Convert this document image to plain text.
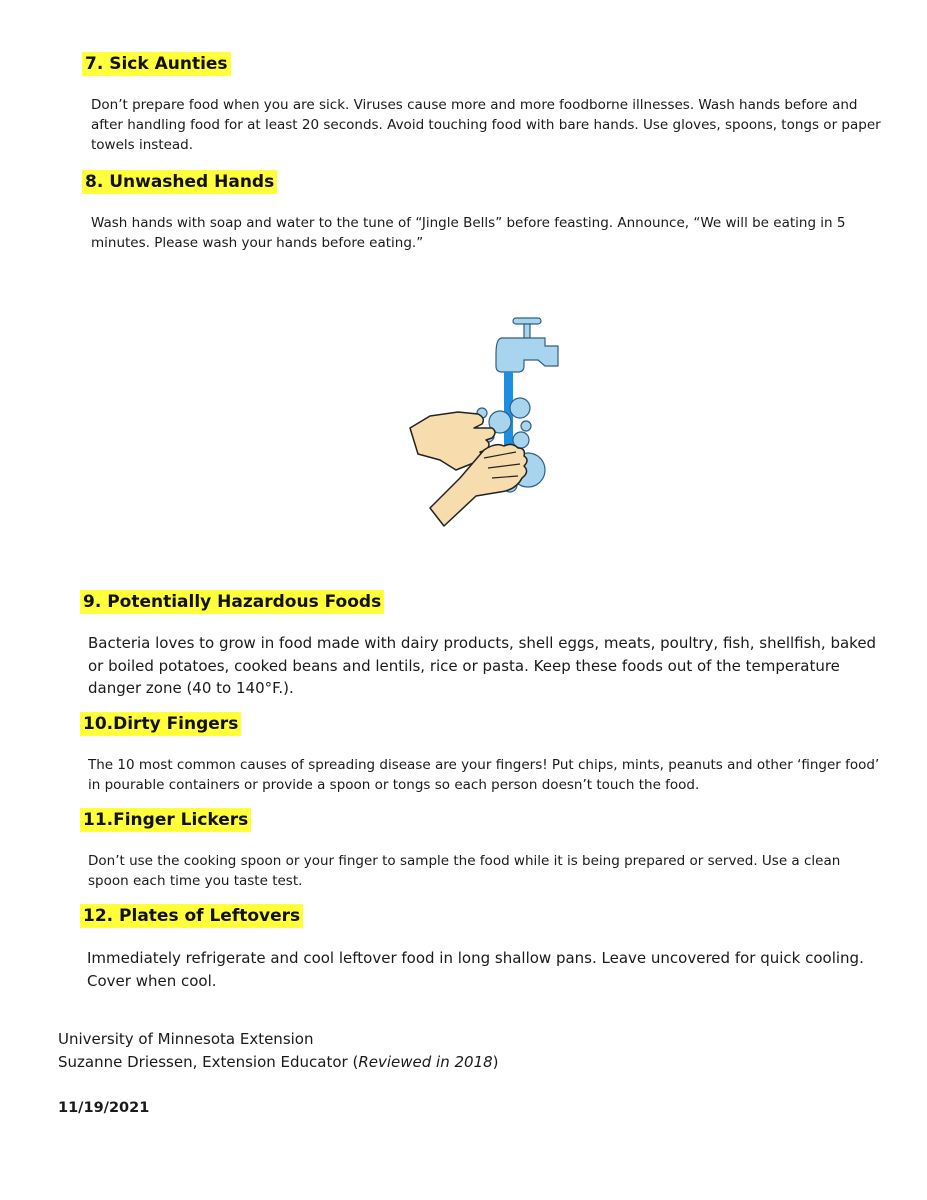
7. Sick Aunties

Don’t prepare food when you are sick. Viruses cause more and more foodborne illnesses. Wash hands before and after handling food for at least 20 seconds. Avoid touching food with bare hands. Use gloves, spoons, tongs or paper towels instead.

8. Unwashed Hands

Wash hands with soap and water to the tune of “Jingle Bells” before feasting. Announce, “We will be eating in 5 minutes. Please wash your hands before eating.”

9. Potentially Hazardous Foods

Bacteria loves to grow in food made with dairy products, shell eggs, meats, poultry, fish, shellfish, baked or boiled potatoes, cooked beans and lentils, rice or pasta. Keep these foods out of the temperature danger zone (40 to 140°F.).

10.Dirty Fingers

The 10 most common causes of spreading disease are your fingers! Put chips, mints, peanuts and other ‘finger food’ in pourable containers or provide a spoon or tongs so each person doesn’t touch the food.

11.Finger Lickers

Don’t use the cooking spoon or your finger to sample the food while it is being prepared or served. Use a clean spoon each time you taste test.

12. Plates of Leftovers

Immediately refrigerate and cool leftover food in long shallow pans. Leave uncovered for quick cooling. Cover when cool.

University of Minnesota Extension

Suzanne Driessen, Extension Educator (Reviewed in 2018)

11/19/2021
